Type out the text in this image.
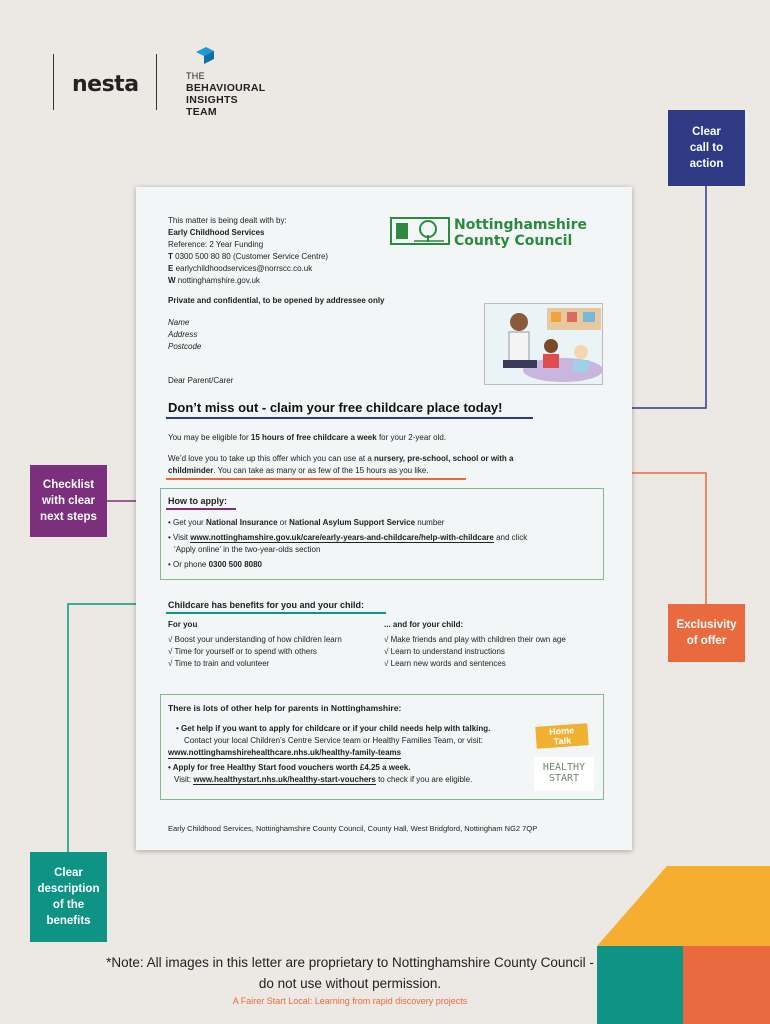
nesta	THE
BEHAVIOURAL
INSIGHTS
TEAM
Clear call to action
Checklist with clear next steps
Exclusivity of offer
Clear description of the benefits
This matter is being dealt with by:
Early Childhood Services
Reference: 2 Year Funding
T 0300 500 80 80 (Customer Service Centre)
E earlychildhoodservices@norrscc.co.uk
W nottinghamshire.gov.uk
Nottinghamshire
County Council
Private and confidential, to be opened by addressee only
Name
Address
Postcode
Dear Parent/Carer
Don’t miss out - claim your free childcare place today!
You may be eligible for 15 hours of free childcare a week for your 2-year old.
We’d love you to take up this offer which you can use at a nursery, pre-school, school or with a
childminder. You can take as many or as few of the 15 hours as you like.
How to apply:
• Get your National Insurance or National Asylum Support Service number
• Visit www.nottinghamshire.gov.uk/care/early-years-and-childcare/help-with-childcare and click
‘Apply online’ in the two-year-olds section
• Or phone 0300 500 8080
Childcare has benefits for you and your child:
For you	... and for your child:
√ Boost your understanding of how children learn
√ Time for yourself or to spend with others
√ Time to train and volunteer
√ Make friends and play with children their own age
√ Learn to understand instructions
√ Learn new words and sentences
There is lots of other help for parents in Nottinghamshire:
• Get help if you want to apply for childcare or if your child needs help with talking.
Contact your local Children’s Centre Service team or Healthy Families Team, or visit:
www.nottinghamshirehealthcare.nhs.uk/healthy-family-teams
• Apply for free Healthy Start food vouchers worth £4.25 a week.
Visit: www.healthystart.nhs.uk/healthy-start-vouchers to check if you are eligible.
Home
Talk
HEALTHY
START
Early Childhood Services, Nottinghamshire County Council, County Hall, West Bridgford, Nottingham NG2 7QP
*Note: All images in this letter are proprietary to Nottinghamshire County Council - do not use without permission.
A Fairer Start Local: Learning from rapid discovery projects
2
